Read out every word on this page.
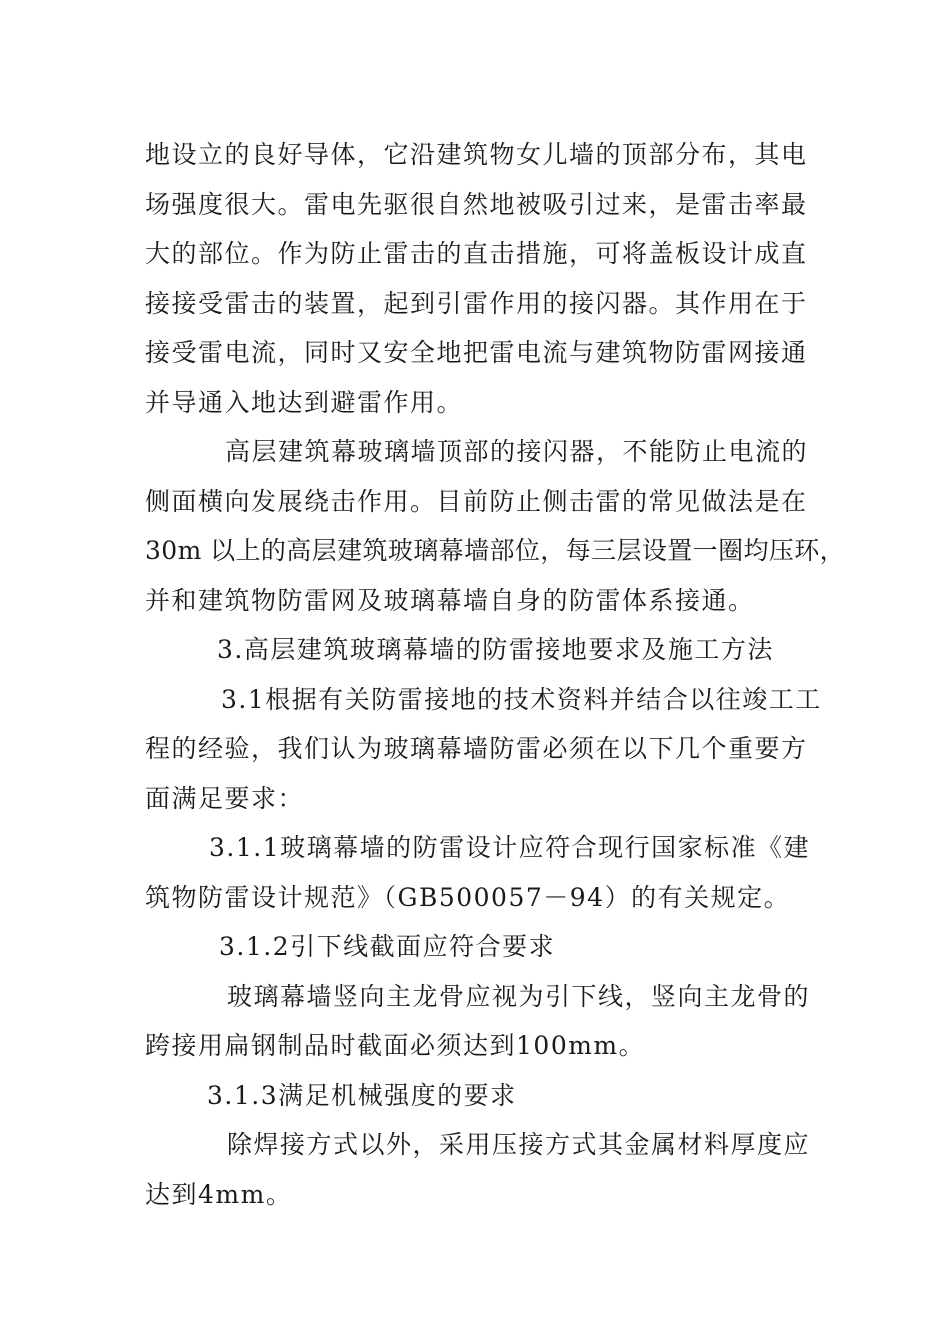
地设立的良好导体，它沿建筑物女儿墙的顶部分布，其电
场强度很大。雷电先驱很自然地被吸引过来，是雷击率最
大的部位。作为防止雷击的直击措施，可将盖板设计成直
接接受雷击的装置，起到引雷作用的接闪器。其作用在于
接受雷电流，同时又安全地把雷电流与建筑物防雷网接通
并导通入地达到避雷作用。

高层建筑幕玻璃墙顶部的接闪器，不能防止电流的
侧面横向发展绕击作用。目前防止侧击雷的常见做法是在
30m 以上的高层建筑玻璃幕墙部位，每三层设置一圈均压环，
并和建筑物防雷网及玻璃幕墙自身的防雷体系接通。

3.高层建筑玻璃幕墙的防雷接地要求及施工方法

3.1根据有关防雷接地的技术资料并结合以往竣工工
程的经验，我们认为玻璃幕墙防雷必须在以下几个重要方
面满足要求：

3.1.1玻璃幕墙的防雷设计应符合现行国家标准《建
筑物防雷设计规范》（GB500057－94）的有关规定。

3.1.2引下线截面应符合要求

玻璃幕墙竖向主龙骨应视为引下线，竖向主龙骨的
跨接用扁钢制品时截面必须达到100mm。

3.1.3满足机械强度的要求

除焊接方式以外，采用压接方式其金属材料厚度应
达到4mm。
